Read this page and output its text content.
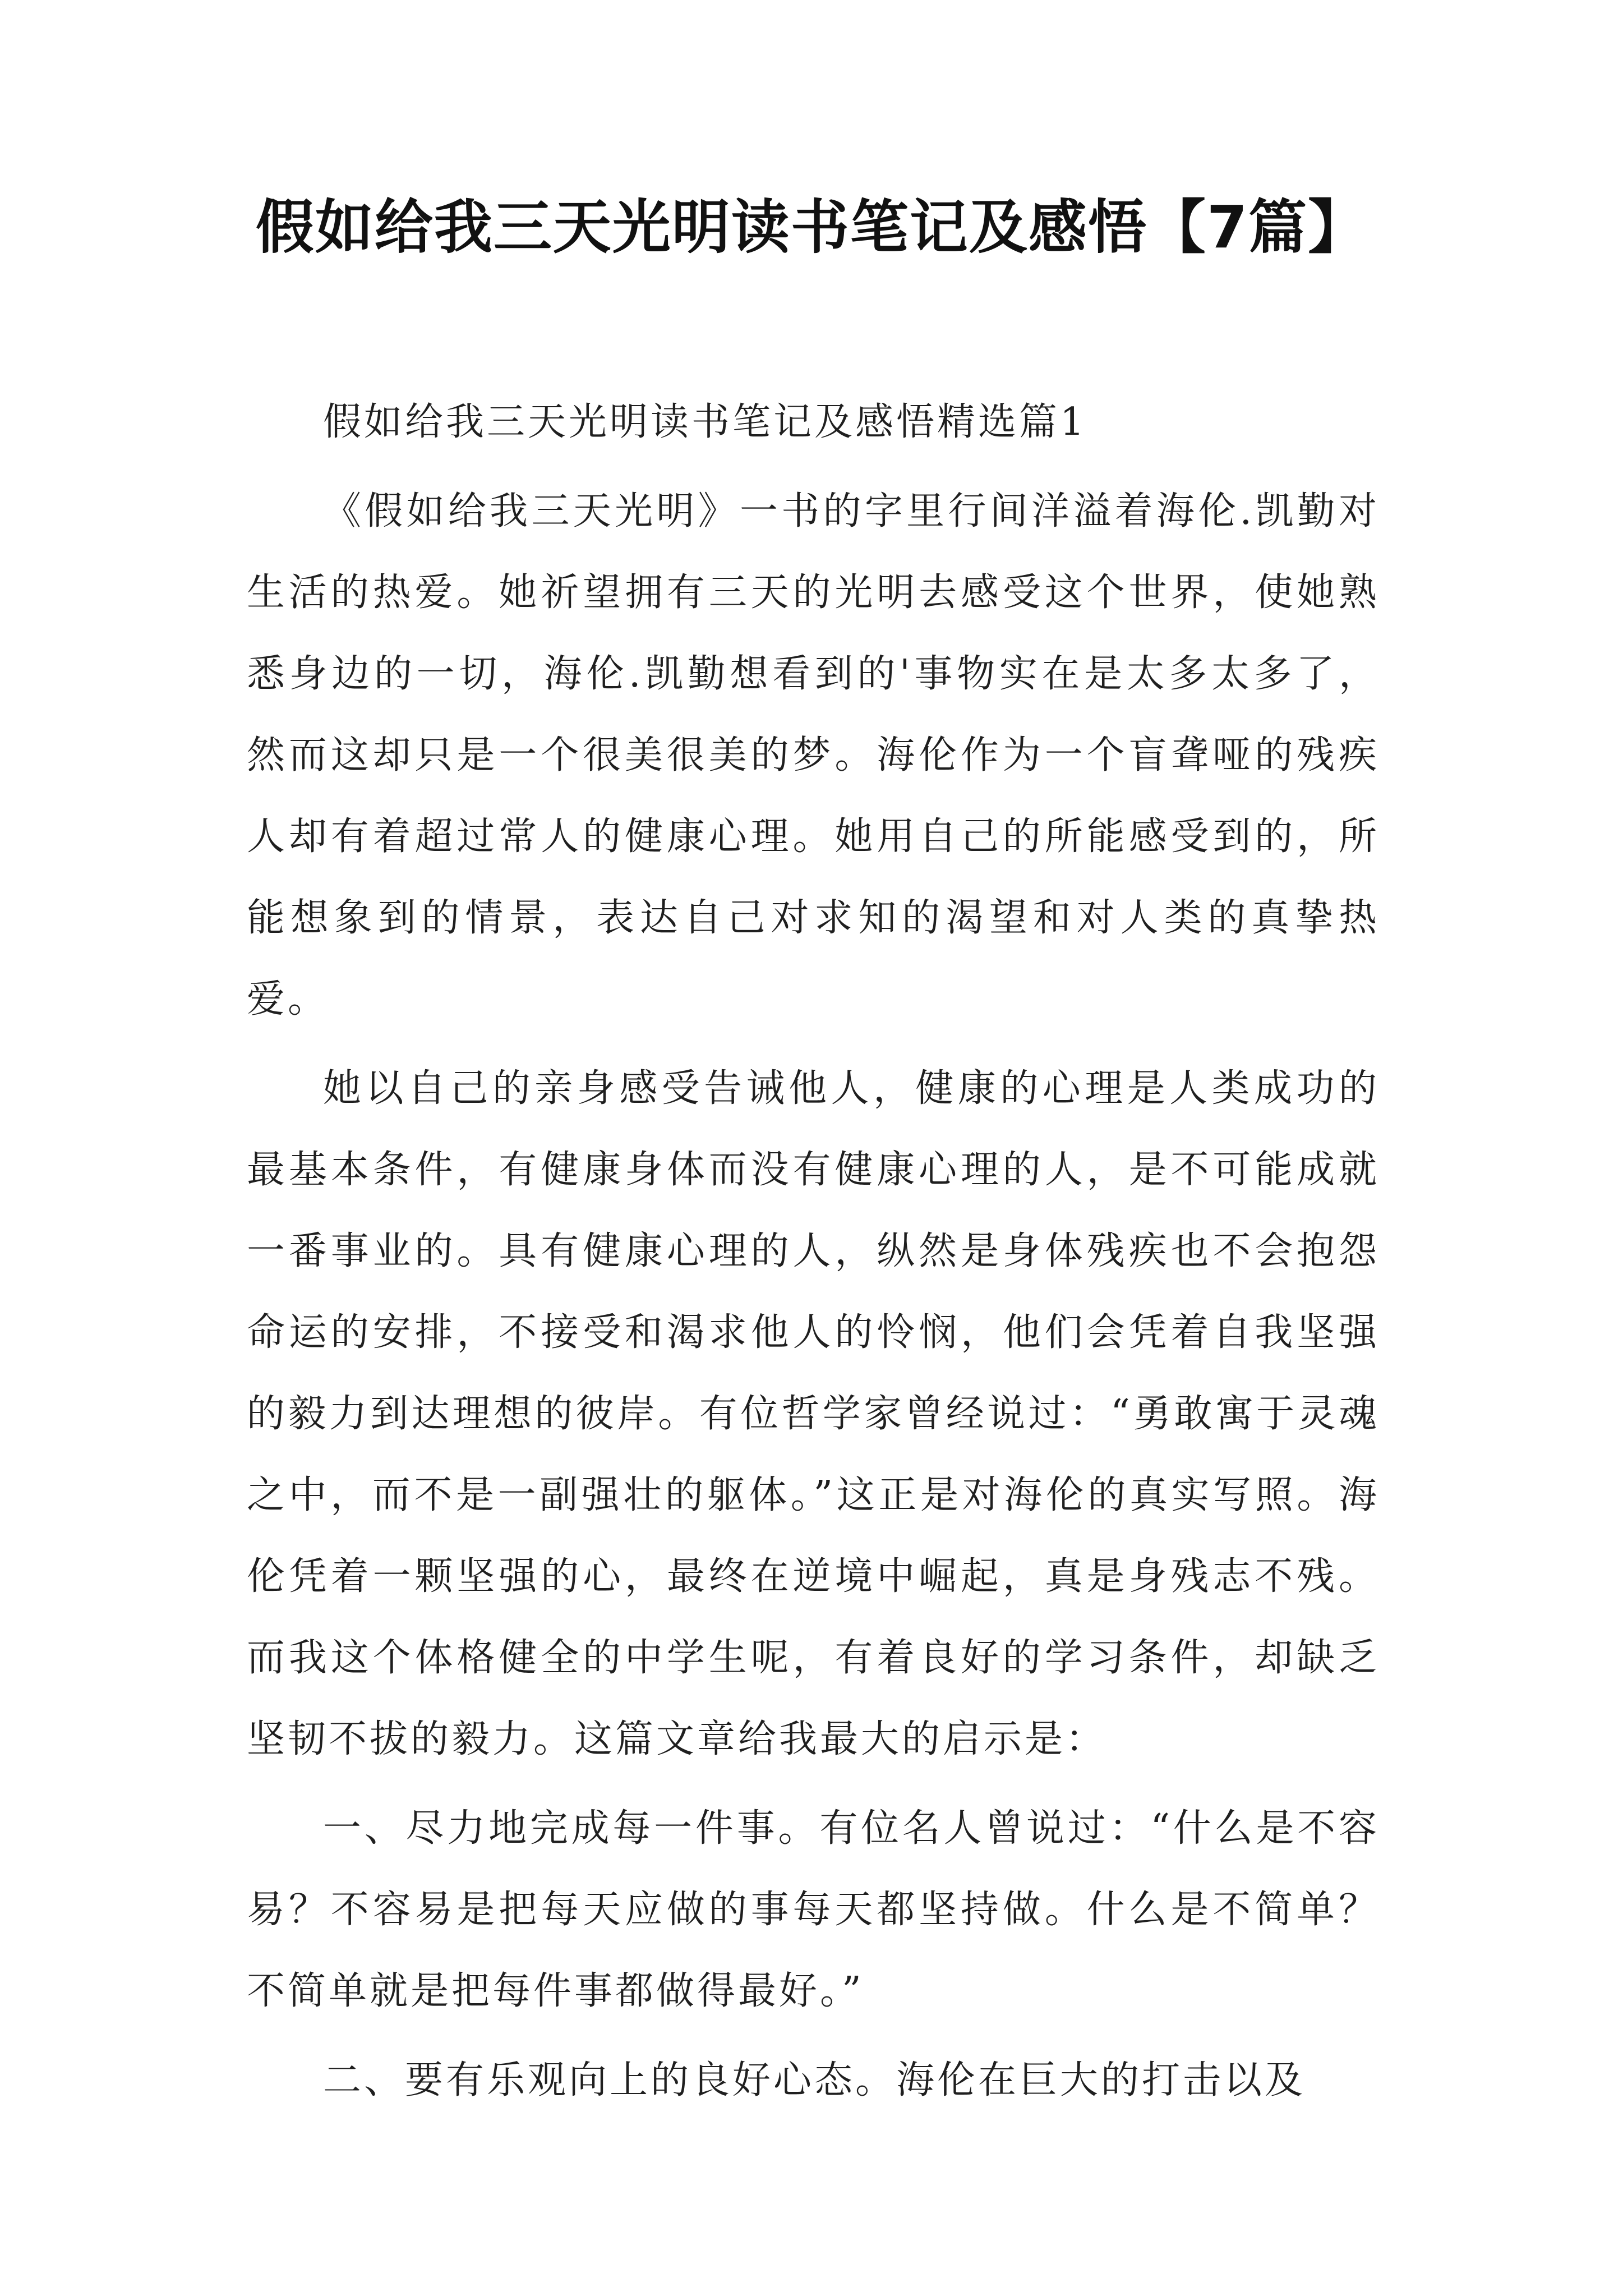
假如给我三天光明读书笔记及感悟【7篇】

假如给我三天光明读书笔记及感悟精选篇1

《假如给我三天光明》一书的字里行间洋溢着海伦.凯勤对生活的热爱。她祈望拥有三天的光明去感受这个世界，使她熟悉身边的一切，海伦.凯勤想看到的'事物实在是太多太多了，然而这却只是一个很美很美的梦。海伦作为一个盲聋哑的残疾人却有着超过常人的健康心理。她用自己的所能感受到的，所能想象到的情景，表达自己对求知的渴望和对人类的真挚热爱。

她以自己的亲身感受告诫他人，健康的心理是人类成功的最基本条件，有健康身体而没有健康心理的人，是不可能成就一番事业的。具有健康心理的人，纵然是身体残疾也不会抱怨命运的安排，不接受和渴求他人的怜悯，他们会凭着自我坚强的毅力到达理想的彼岸。有位哲学家曾经说过：“勇敢寓于灵魂之中，而不是一副强壮的躯体。”这正是对海伦的真实写照。海伦凭着一颗坚强的心，最终在逆境中崛起，真是身残志不残。而我这个体格健全的中学生呢，有着良好的学习条件，却缺乏坚韧不拔的毅力。这篇文章给我最大的启示是：

一、尽力地完成每一件事。有位名人曾说过：“什么是不容易？不容易是把每天应做的事每天都坚持做。什么是不简单？不简单就是把每件事都做得最好。”

二、要有乐观向上的良好心态。海伦在巨大的打击以及
